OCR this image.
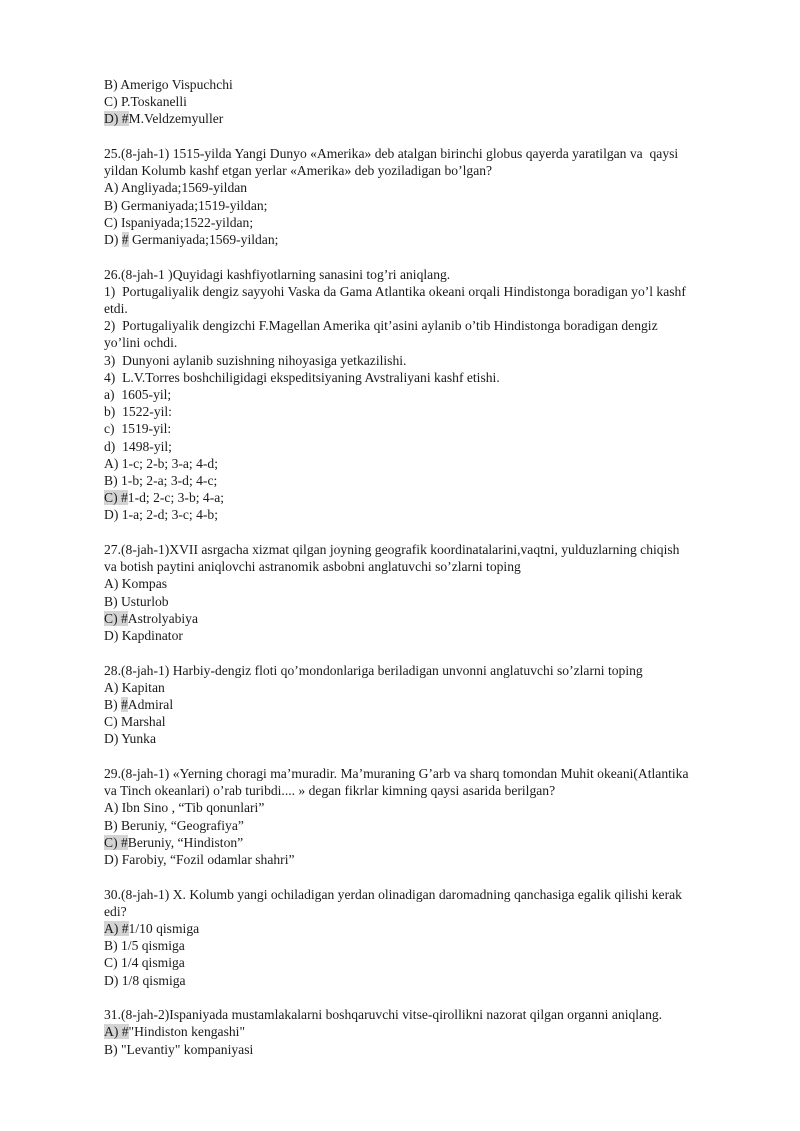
B) Amerigo Vispuchchi
C) P.Toskanelli
D) #M.Veldzemyuller
25.(8-jah-1) 1515-yilda Yangi Dunyo «Amerika» deb atalgan birinchi globus qayerda yaratilgan va  qaysi
yildan Kolumb kashf etgan yerlar «Amerika» deb yoziladigan bo’lgan?
A) Angliyada;1569-yildan
B) Germaniyada;1519-yildan;
C) Ispaniyada;1522-yildan;
D) # Germaniyada;1569-yildan;
26.(8-jah-1 )Quyidagi kashfiyotlarning sanasini tog’ri aniqlang.
1)  Portugaliyalik dengiz sayyohi Vaska da Gama Atlantika okeani orqali Hindistonga boradigan yo’l kashf
etdi.
2)  Portugaliyalik dengizchi F.Magellan Amerika qit’asini aylanib o’tib Hindistonga boradigan dengiz
yo’lini ochdi.
3)  Dunyoni aylanib suzishning nihoyasiga yetkazilishi.
4)  L.V.Torres boshchiligidagi ekspeditsiyaning Avstraliyani kashf etishi.
a)  1605-yil;
b)  1522-yil:
c)  1519-yil:
d)  1498-yil;
A) 1-c; 2-b; 3-a; 4-d;
B) 1-b; 2-a; 3-d; 4-c;
C) #1-d; 2-c; 3-b; 4-a;
D) 1-a; 2-d; 3-c; 4-b;
27.(8-jah-1)XVII asrgacha xizmat qilgan joyning geografik koordinatalarini,vaqtni, yulduzlarning chiqish
va botish paytini aniqlovchi astranomik asbobni anglatuvchi so’zlarni toping
A) Kompas
B) Usturlob
C) #Astrolyabiya
D) Kapdinator
28.(8-jah-1) Harbiy-dengiz floti qo’mondonlariga beriladigan unvonni anglatuvchi so’zlarni toping
A) Kapitan
B) #Admiral
C) Marshal
D) Yunka
29.(8-jah-1) «Yerning choragi ma’muradir. Ma’muraning G’arb va sharq tomondan Muhit okeani(Atlantika
va Tinch okeanlari) o’rab turibdi.... » degan fikrlar kimning qaysi asarida berilgan?
A) Ibn Sino , “Tib qonunlari”
B) Beruniy, “Geografiya”
C) #Beruniy, “Hindiston”
D) Farobiy, “Fozil odamlar shahri”
30.(8-jah-1) X. Kolumb yangi ochiladigan yerdan olinadigan daromadning qanchasiga egalik qilishi kerak
edi?
A) #1/10 qismiga
B) 1/5 qismiga
C) 1/4 qismiga
D) 1/8 qismiga
31.(8-jah-2)Ispaniyada mustamlakalarni boshqaruvchi vitse-qirollikni nazorat qilgan organni aniqlang.
A) #"Hindiston kengashi"
B) "Levantiy" kompaniyasi
